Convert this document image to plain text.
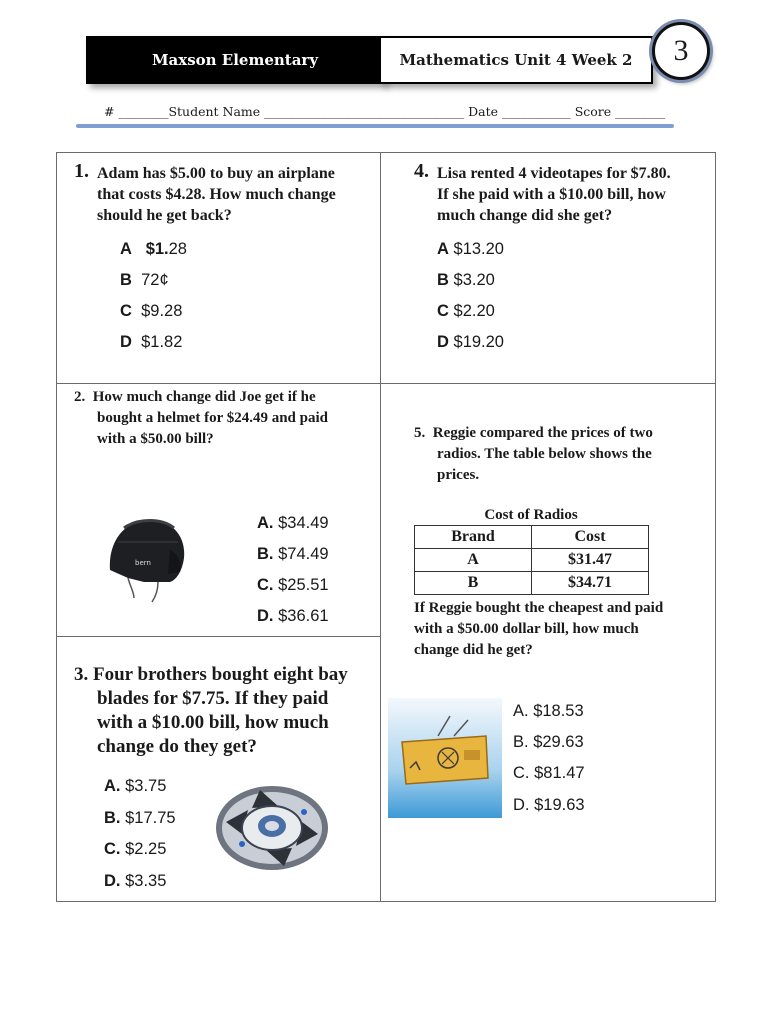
Maxson Elementary	Mathematics Unit 4 Week 2 3
# ________Student Name ________________________________ Date ___________ Score ________
1. Adam has $5.00 to buy an airplane
that costs $4.28. How much change
should he get back?
A $1.28
B 72¢
C $9.28
D $1.82
2. How much change did Joe get if he
bought a helmet for $24.49 and paid
with a $50.00 bill?
bern
A. $34.49
B. $74.49
C. $25.51
D. $36.61
3. Four brothers bought eight bay
blades for $7.75. If they paid
with a $10.00 bill, how much
change do they get?
A. $3.75
B. $17.75
C. $2.25
D. $3.35
4. Lisa rented 4 videotapes for $7.80.
If she paid with a $10.00 bill, how
much change did she get?
A $13.20
B $3.20
C $2.20
D $19.20
5. Reggie compared the prices of two
radios. The table below shows the
prices.
Cost of Radios
Brand	Cost
A	$31.47
B	$34.71
If Reggie bought the cheapest and paid
with a $50.00 dollar bill, how much
change did he get?
A. $18.53
B. $29.63
C. $81.47
D. $19.63
